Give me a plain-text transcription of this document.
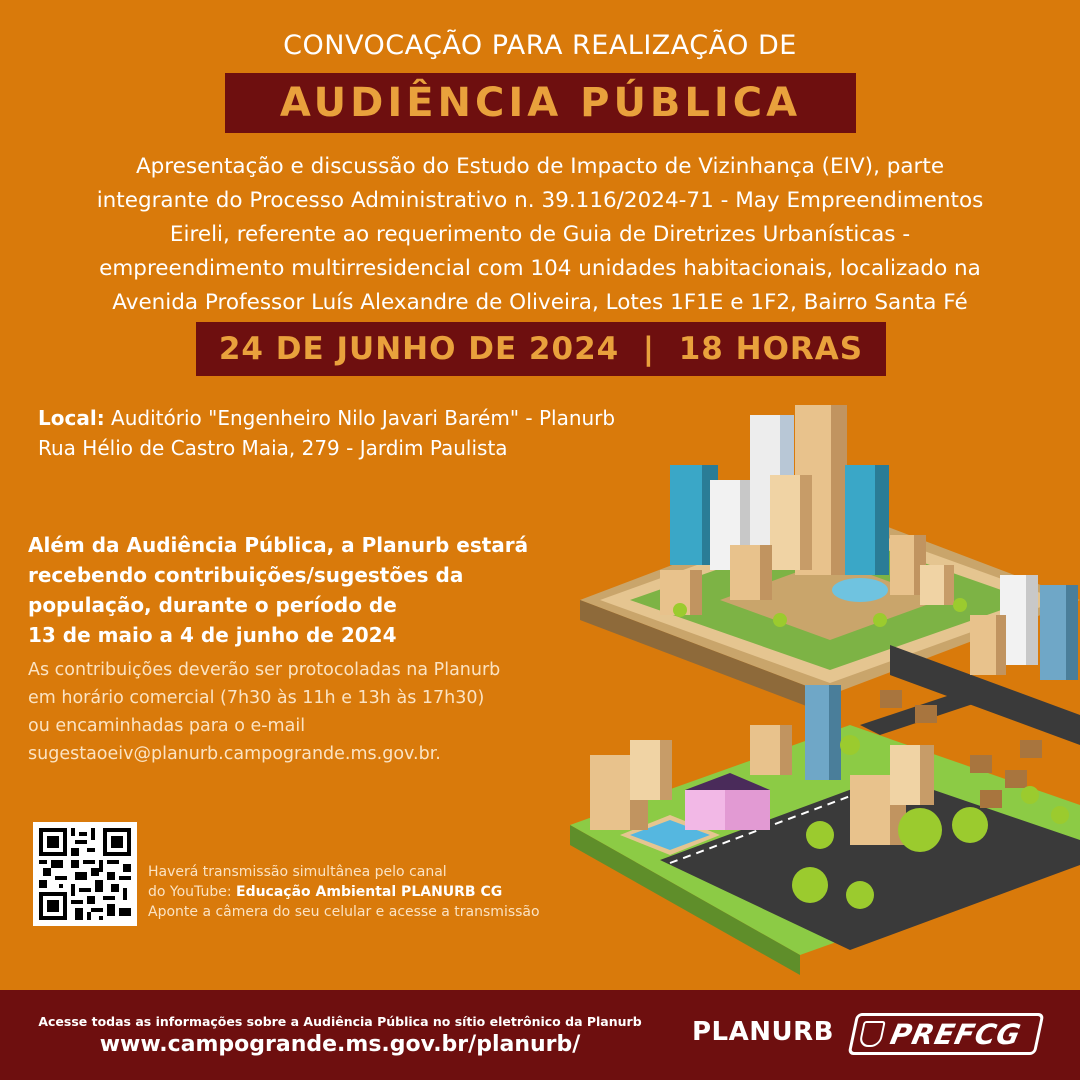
CONVOCAÇÃO PARA REALIZAÇÃO DE
AUDIÊNCIA PÚBLICA
Apresentação e discussão do Estudo de Impacto de Vizinhança (EIV), parte
integrante do Processo Administrativo n. 39.116/2024-71 - May Empreendimentos
Eireli, referente ao requerimento de Guia de Diretrizes Urbanísticas -
empreendimento multirresidencial com 104 unidades habitacionais, localizado na
Avenida Professor Luís Alexandre de Oliveira, Lotes 1F1E e 1F2, Bairro Santa Fé
24 DE JUNHO DE 2024  |  18 HORAS
Local: Auditório "Engenheiro Nilo Javari Barém" - Planurb
Rua Hélio de Castro Maia, 279 - Jardim Paulista
Além da Audiência Pública, a Planurb estará
recebendo contribuições/sugestões da
população, durante o período de
13 de maio a 4 de junho de 2024
As contribuições deverão ser protocoladas na Planurb
em horário comercial (7h30 às 11h e 13h às 17h30)
ou encaminhadas para o e-mail
sugestaoeiv@planurb.campogrande.ms.gov.br.
Haverá transmissão simultânea pelo canal
do YouTube: Educação Ambiental PLANURB CG
Aponte a câmera do seu celular e acesse a transmissão
Acesse todas as informações sobre a Audiência Pública no sítio eletrônico da Planurb
www.campogrande.ms.gov.br/planurb/	PLANURB PREFCG
